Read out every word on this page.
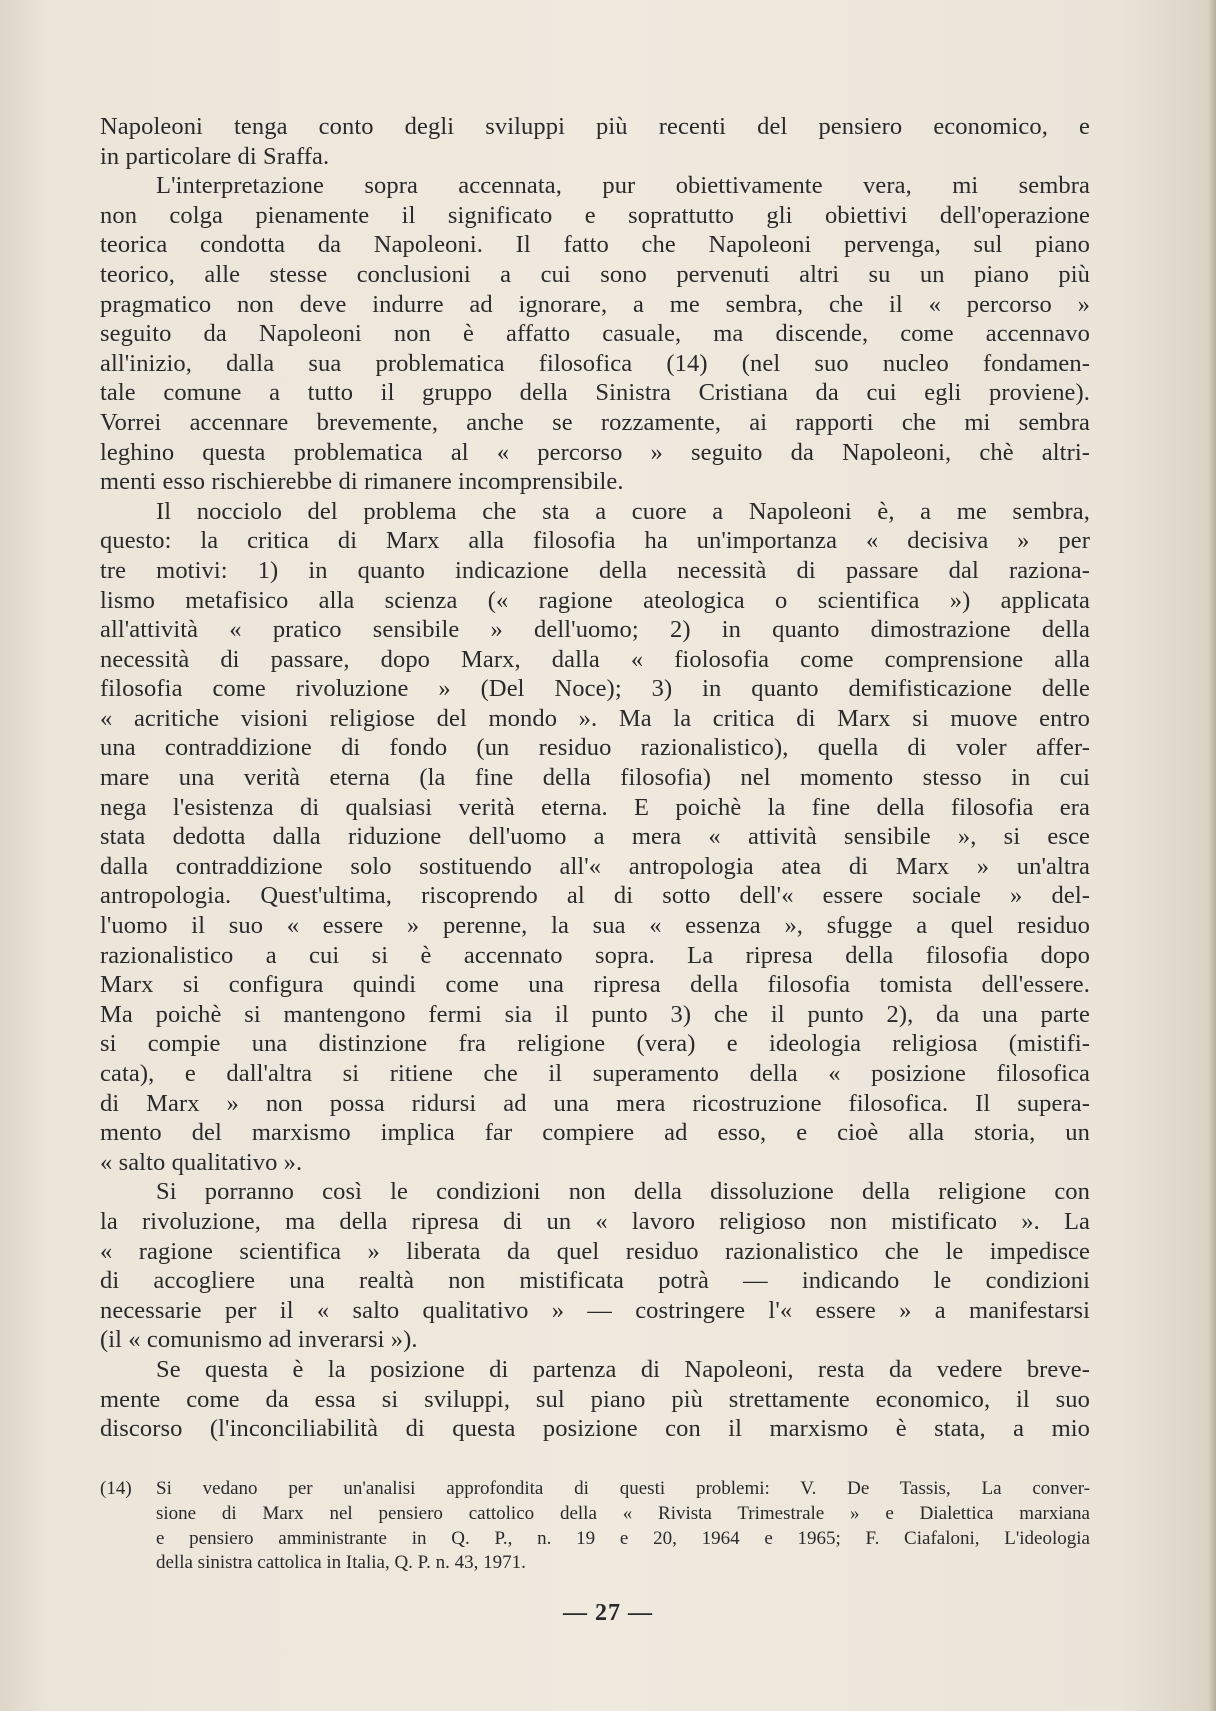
Napoleoni tenga conto degli sviluppi più recenti del pensiero economico, e
in particolare di Sraffa.
L'interpretazione sopra accennata, pur obiettivamente vera, mi sembra
non colga pienamente il significato e soprattutto gli obiettivi dell'operazione
teorica condotta da Napoleoni. Il fatto che Napoleoni pervenga, sul piano
teorico, alle stesse conclusioni a cui sono pervenuti altri su un piano più
pragmatico non deve indurre ad ignorare, a me sembra, che il « percorso »
seguito da Napoleoni non è affatto casuale, ma discende, come accennavo
all'inizio, dalla sua problematica filosofica (14) (nel suo nucleo fondamen-
tale comune a tutto il gruppo della Sinistra Cristiana da cui egli proviene).
Vorrei accennare brevemente, anche se rozzamente, ai rapporti che mi sembra
leghino questa problematica al « percorso » seguito da Napoleoni, chè altri-
menti esso rischierebbe di rimanere incomprensibile.
Il nocciolo del problema che sta a cuore a Napoleoni è, a me sembra,
questo: la critica di Marx alla filosofia ha un'importanza « decisiva » per
tre motivi: 1) in quanto indicazione della necessità di passare dal raziona-
lismo metafisico alla scienza (« ragione ateologica o scientifica ») applicata
all'attività « pratico sensibile » dell'uomo; 2) in quanto dimostrazione della
necessità di passare, dopo Marx, dalla « fiolosofia come comprensione alla
filosofia come rivoluzione » (Del Noce); 3) in quanto demifisticazione delle
« acritiche visioni religiose del mondo ». Ma la critica di Marx si muove entro
una contraddizione di fondo (un residuo razionalistico), quella di voler affer-
mare una verità eterna (la fine della filosofia) nel momento stesso in cui
nega l'esistenza di qualsiasi verità eterna. E poichè la fine della filosofia era
stata dedotta dalla riduzione dell'uomo a mera « attività sensibile », si esce
dalla contraddizione solo sostituendo all'« antropologia atea di Marx » un'altra
antropologia. Quest'ultima, riscoprendo al di sotto dell'« essere sociale » del-
l'uomo il suo « essere » perenne, la sua « essenza », sfugge a quel residuo
razionalistico a cui si è accennato sopra. La ripresa della filosofia dopo
Marx si configura quindi come una ripresa della filosofia tomista dell'essere.
Ma poichè si mantengono fermi sia il punto 3) che il punto 2), da una parte
si compie una distinzione fra religione (vera) e ideologia religiosa (mistifi-
cata), e dall'altra si ritiene che il superamento della « posizione filosofica
di Marx » non possa ridursi ad una mera ricostruzione filosofica. Il supera-
mento del marxismo implica far compiere ad esso, e cioè alla storia, un
« salto qualitativo ».
Si porranno così le condizioni non della dissoluzione della religione con
la rivoluzione, ma della ripresa di un « lavoro religioso non mistificato ». La
« ragione scientifica » liberata da quel residuo razionalistico che le impedisce
di accogliere una realtà non mistificata potrà — indicando le condizioni
necessarie per il « salto qualitativo » — costringere l'« essere » a manifestarsi
(il « comunismo ad inverarsi »).
Se questa è la posizione di partenza di Napoleoni, resta da vedere breve-
mente come da essa si sviluppi, sul piano più strettamente economico, il suo
discorso (l'inconciliabilità di questa posizione con il marxismo è stata, a mio
(14) Si vedano per un'analisi approfondita di questi problemi: V. De Tassis, La conver-
sione di Marx nel pensiero cattolico della « Rivista Trimestrale » e Dialettica marxiana
e pensiero amministrante in Q. P., n. 19 e 20, 1964 e 1965; F. Ciafaloni, L'ideologia
della sinistra cattolica in Italia, Q. P. n. 43, 1971.
— 27 —
